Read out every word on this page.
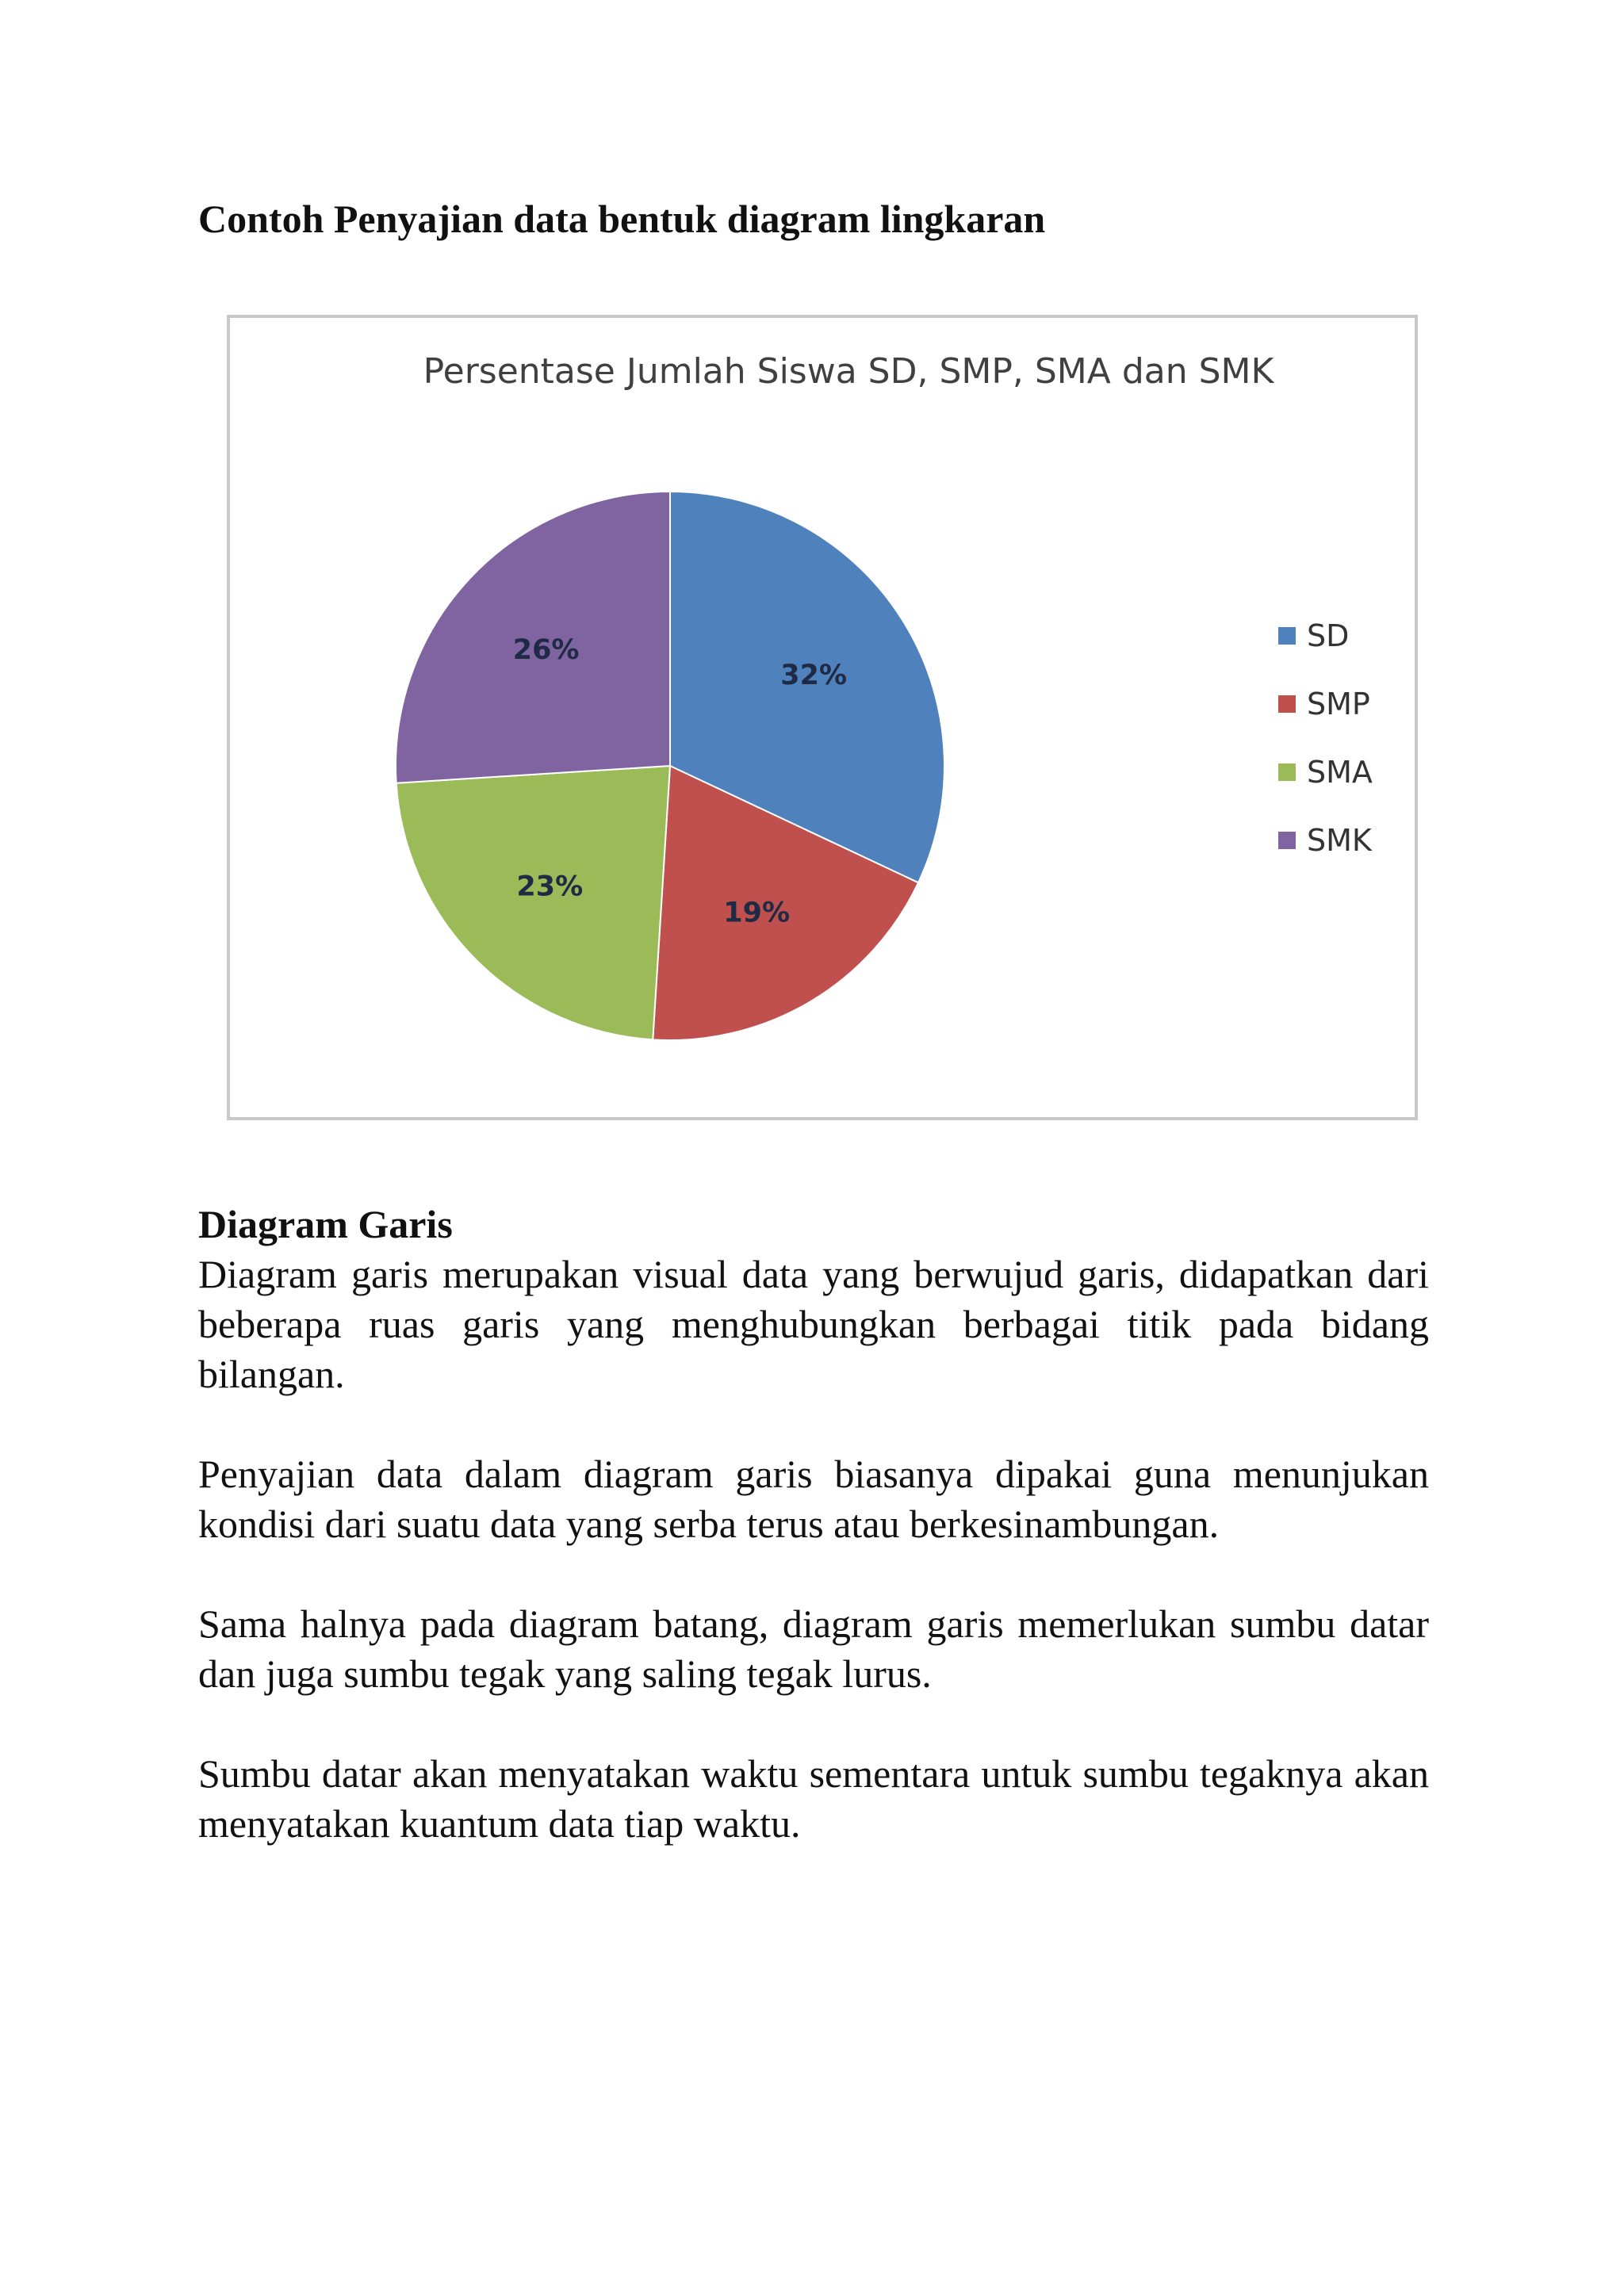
Contoh Penyajian data bentuk diagram lingkaran
Persentase Jumlah Siswa SD, SMP, SMA dan SMK
32%
19%
23%
26%	SD
SMP
SMA
SMK
Diagram Garis

Diagram garis merupakan visual data yang berwujud garis, didapatkan dari beberapa ruas garis yang menghubungkan berbagai titik pada bidang bilangan.

Penyajian data dalam diagram garis biasanya dipakai guna menunjukan kondisi dari suatu data yang serba terus atau berkesinambungan.

Sama halnya pada diagram batang, diagram garis memerlukan sumbu datar dan juga sumbu tegak yang saling tegak lurus.

Sumbu datar akan menyatakan waktu sementara untuk sumbu tegaknya akan menyatakan kuantum data tiap waktu.
